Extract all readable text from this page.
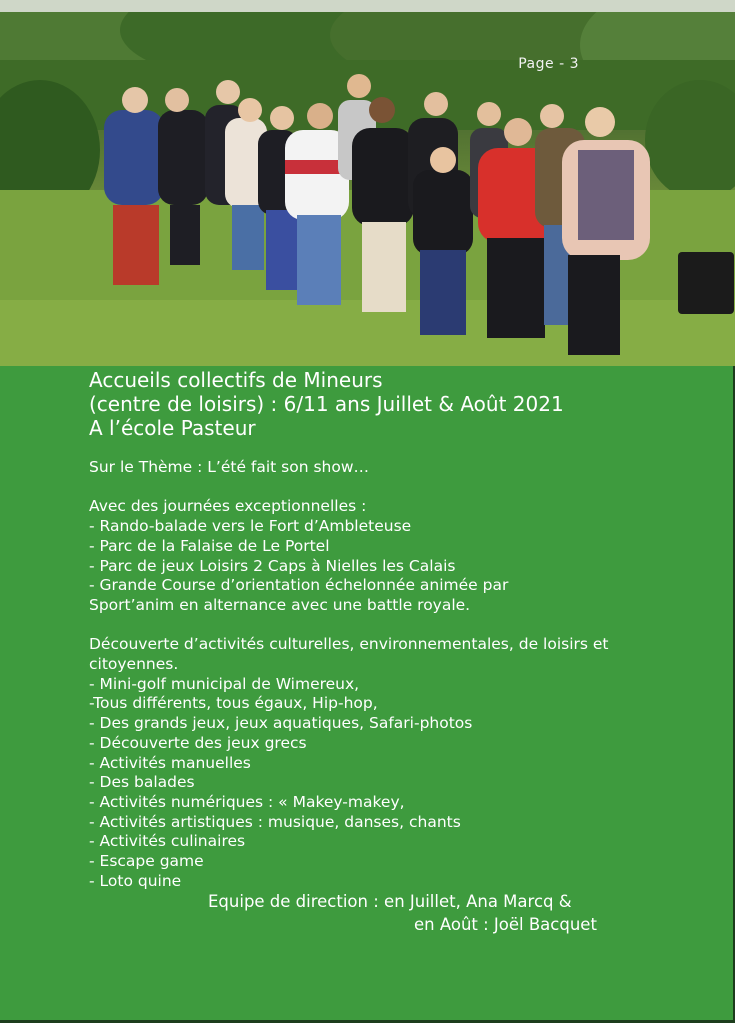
Page - 3
Accueils collectifs de Mineurs
(centre de loisirs) : 6/11 ans Juillet & Août 2021
A l’école Pasteur
Sur le Thème : L’été fait son show…
Avec des journées exceptionnelles :
- Rando-balade vers le Fort d’Ambleteuse
- Parc de la Falaise de Le Portel
- Parc de jeux Loisirs 2 Caps à Nielles les Calais
- Grande Course d’orientation échelonnée animée par
Sport’anim en alternance avec une battle royale.
Découverte d’activités culturelles, environnementales, de loisirs et citoyennes.
- Mini-golf municipal de Wimereux,
-Tous différents, tous égaux, Hip-hop,
- Des grands jeux, jeux aquatiques, Safari-photos
- Découverte des jeux grecs
- Activités manuelles
- Des balades
- Activités numériques : « Makey-makey,
- Activités artistiques : musique, danses, chants
- Activités culinaires
- Escape game
- Loto quine
Equipe de direction : en Juillet, Ana Marcq &
en Août : Joël Bacquet
